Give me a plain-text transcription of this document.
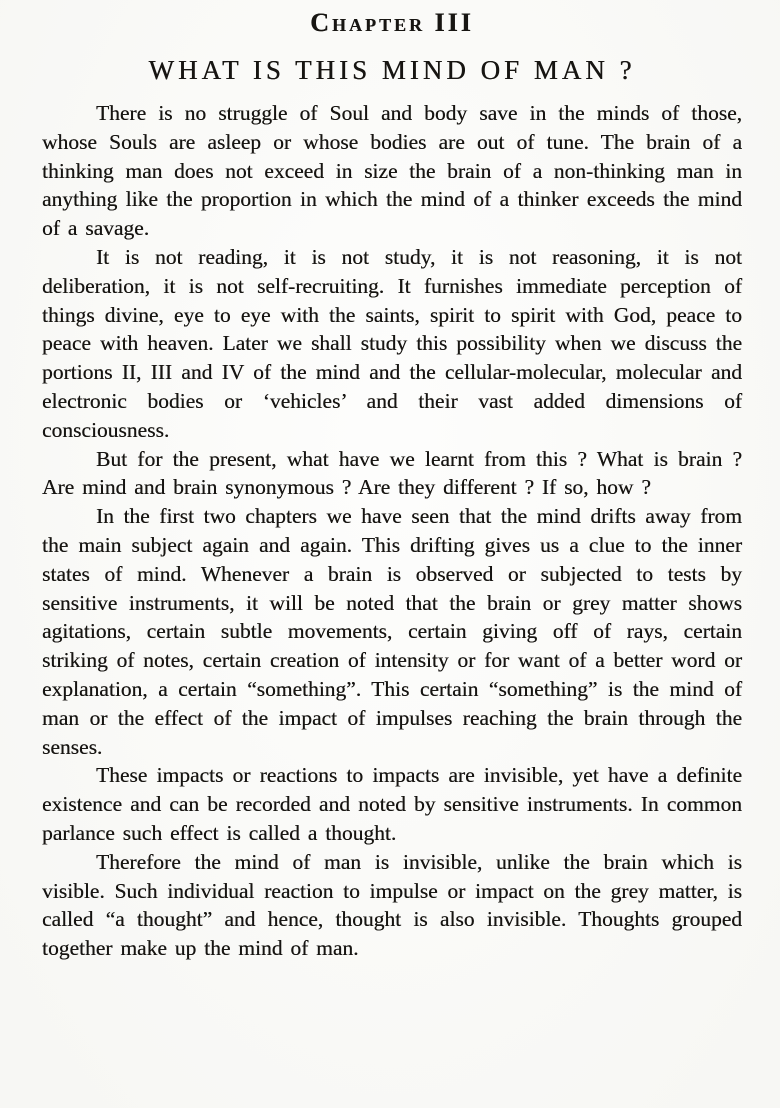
Chapter III
WHAT IS THIS MIND OF MAN ?

There is no struggle of Soul and body save in the minds of those, whose Souls are asleep or whose bodies are out of tune. The brain of a thinking man does not exceed in size the brain of a non-thinking man in anything like the proportion in which the mind of a thinker exceeds the mind of a savage.

It is not reading, it is not study, it is not reasoning, it is not deliberation, it is not self-recruiting. It furnishes immediate perception of things divine, eye to eye with the saints, spirit to spirit with God, peace to peace with heaven. Later we shall study this possibility when we discuss the portions II, III and IV of the mind and the cellular-molecular, molecular and electronic bodies or ‘vehicles’ and their vast added dimensions of consciousness.

But for the present, what have we learnt from this ? What is brain ? Are mind and brain synonymous ? Are they different ? If so, how ?

In the first two chapters we have seen that the mind drifts away from the main subject again and again. This drifting gives us a clue to the inner states of mind. Whenever a brain is observed or subjected to tests by sensitive instruments, it will be noted that the brain or grey matter shows agitations, certain subtle movements, certain giving off of rays, certain striking of notes, certain creation of intensity or for want of a better word or explanation, a certain “something”. This certain “something” is the mind of man or the effect of the impact of impulses reaching the brain through the senses.

These impacts or reactions to impacts are invisible, yet have a definite existence and can be recorded and noted by sensitive instruments. In common parlance such effect is called a thought.

Therefore the mind of man is invisible, unlike the brain which is visible. Such individual reaction to impulse or impact on the grey matter, is called “a thought” and hence, thought is also invisible. Thoughts grouped together make up the mind of man.
